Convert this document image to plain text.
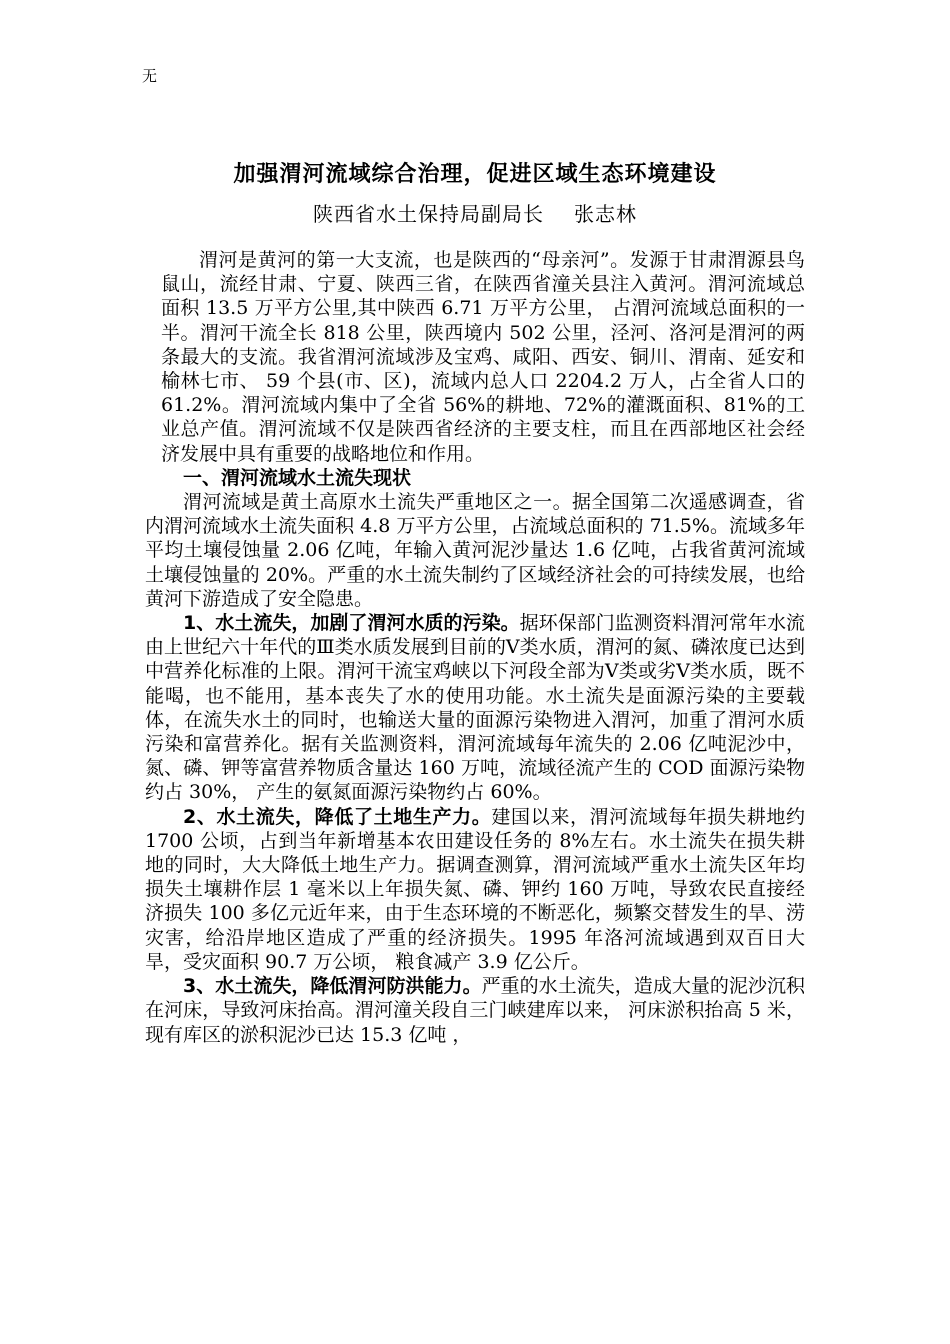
无
加强渭河流域综合治理，促进区域生态环境建设
陕西省水土保持局副局长 张志林

渭河是黄河的第一大支流，也是陕西的“母亲河”。发源于甘肃渭源县鸟鼠山，流经甘肃、宁夏、陕西三省，在陕西省潼关县注入黄河。渭河流域总面积 13.5 万平方公里,其中陕西 6.71 万平方公里， 占渭河流域总面积的一半。渭河干流全长 818 公里，陕西境内 502 公里，泾河、洛河是渭河的两条最大的支流。我省渭河流域涉及宝鸡、咸阳、西安、铜川、渭南、延安和榆林七市、 59 个县(市、区)，流域内总人口 2204.2 万人，占全省人口的 61.2%。渭河流域内集中了全省 56%的耕地、72%的灌溉面积、81%的工业总产值。渭河流域不仅是陕西省经济的主要支柱，而且在西部地区社会经济发展中具有重要的战略地位和作用。

一、渭河流域水土流失现状

渭河流域是黄土高原水土流失严重地区之一。据全国第二次遥感调查，省内渭河流域水土流失面积 4.8 万平方公里，占流域总面积的 71.5%。流域多年平均土壤侵蚀量 2.06 亿吨，年输入黄河泥沙量达 1.6 亿吨，占我省黄河流域土壤侵蚀量的 20%。严重的水土流失制约了区域经济社会的可持续发展，也给黄河下游造成了安全隐患。

1、水土流失，加剧了渭河水质的污染。据环保部门监测资料渭河常年水流由上世纪六十年代的Ⅲ类水质发展到目前的Ⅴ类水质，渭河的氮、磷浓度已达到中营养化标准的上限。渭河干流宝鸡峡以下河段全部为Ⅴ类或劣Ⅴ类水质，既不能喝，也不能用，基本丧失了水的使用功能。水土流失是面源污染的主要载体，在流失水土的同时，也输送大量的面源污染物进入渭河，加重了渭河水质污染和富营养化。据有关监测资料，渭河流域每年流失的 2.06 亿吨泥沙中，氮、磷、钾等富营养物质含量达 160 万吨，流域径流产生的 COD 面源污染物约占 30%， 产生的氨氮面源污染物约占 60%。

2、水土流失，降低了土地生产力。建国以来，渭河流域每年损失耕地约 1700 公顷，占到当年新增基本农田建设任务的 8%左右。水土流失在损失耕地的同时，大大降低土地生产力。据调查测算，渭河流域严重水土流失区年均损失土壤耕作层 1 毫米以上年损失氮、磷、钾约 160 万吨，导致农民直接经济损失 100 多亿元近年来，由于生态环境的不断恶化，频繁交替发生的旱、涝灾害，给沿岸地区造成了严重的经济损失。1995 年洛河流域遇到双百日大旱，受灾面积 90.7 万公顷， 粮食减产 3.9 亿公斤。

3、水土流失，降低渭河防洪能力。严重的水土流失，造成大量的泥沙沉积在河床，导致河床抬高。渭河潼关段自三门峡建库以来， 河床淤积抬高 5 米， 现有库区的淤积泥沙已达 15.3 亿吨 ，
